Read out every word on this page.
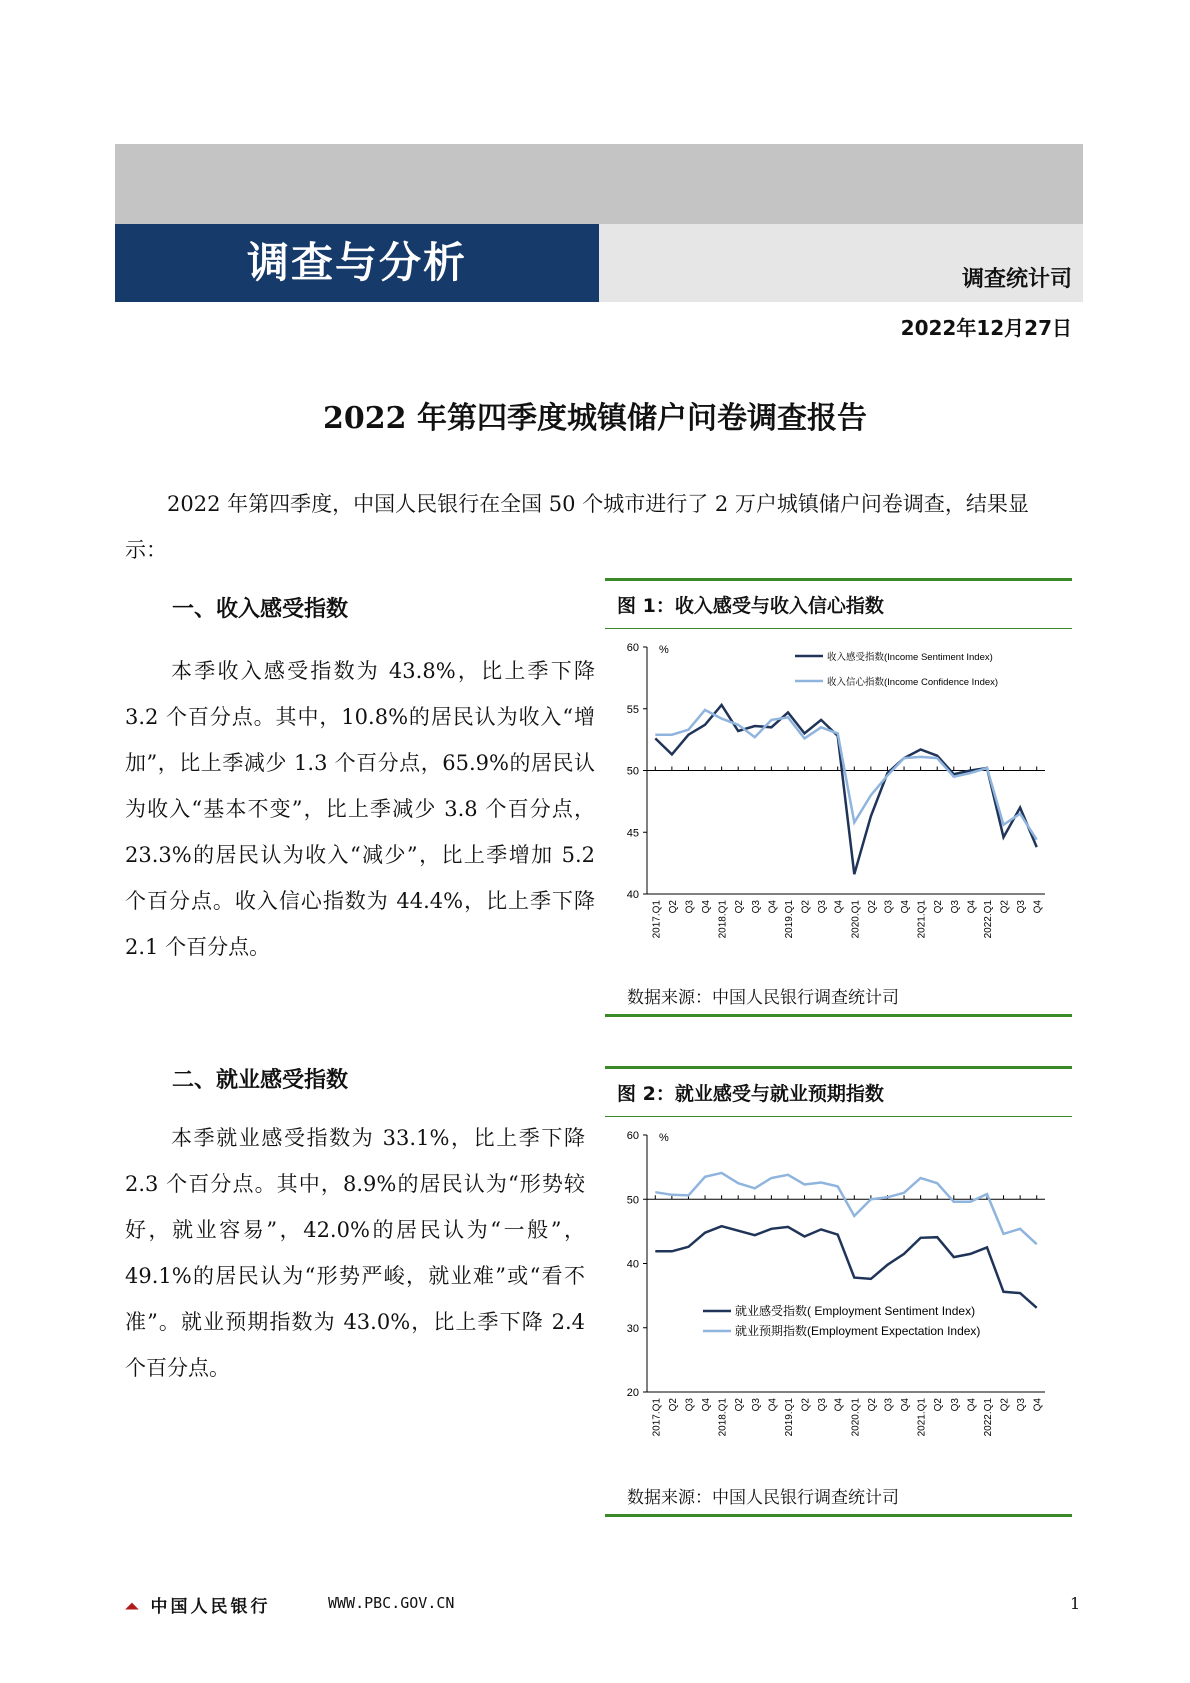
调查与分析	调查统计司
2022年12月27日
2022 年第四季度城镇储户问卷调查报告
2022 年第四季度，中国人民银行在全国 50 个城市进行了 2 万户城镇储户问卷调查，结果显示：
一、收入感受指数
本季收入感受指数为 43.8%，比上季下降 3.2 个百分点。其中，10.8%的居民认为收入“增加”，比上季减少 1.3 个百分点，65.9%的居民认为收入“基本不变”，比上季减少 3.8 个百分点，23.3%的居民认为收入“减少”，比上季增加 5.2 个百分点。收入信心指数为 44.4%，比上季下降 2.1 个百分点。
图 1：收入感受与收入信心指数
40
45
50
55
60 %
2017.Q1 Q2 Q3 Q4 2018.Q1 Q2 Q3 Q4 2019.Q1 Q2 Q3 Q4 2020.Q1 Q2 Q3 Q4 2021.Q1 Q2 Q3 Q4 2022.Q1 Q2 Q3 Q4
收入感受指数(Income Sentiment Index)
收入信心指数(Income Confidence Index)
数据来源：中国人民银行调查统计司
二、就业感受指数
本季就业感受指数为 33.1%，比上季下降 2.3 个百分点。其中，8.9%的居民认为“形势较好，就业容易”，42.0%的居民认为“一般”，49.1%的居民认为“形势严峻，就业难”或“看不准”。就业预期指数为 43.0%，比上季下降 2.4 个百分点。
图 2：就业感受与就业预期指数
20
30
40
50
60 %
2017.Q1 Q2 Q3 Q4 2018.Q1 Q2 Q3 Q4 2019.Q1 Q2 Q3 Q4 2020.Q1 Q2 Q3 Q4 2021.Q1 Q2 Q3 Q4 2022.Q1 Q2 Q3 Q4
就业感受指数( Employment Sentiment Index)
就业预期指数(Employment Expectation Index)
数据来源：中国人民银行调查统计司
⏶ 中国人民银行	WWW.PBC.GOV.CN	1
